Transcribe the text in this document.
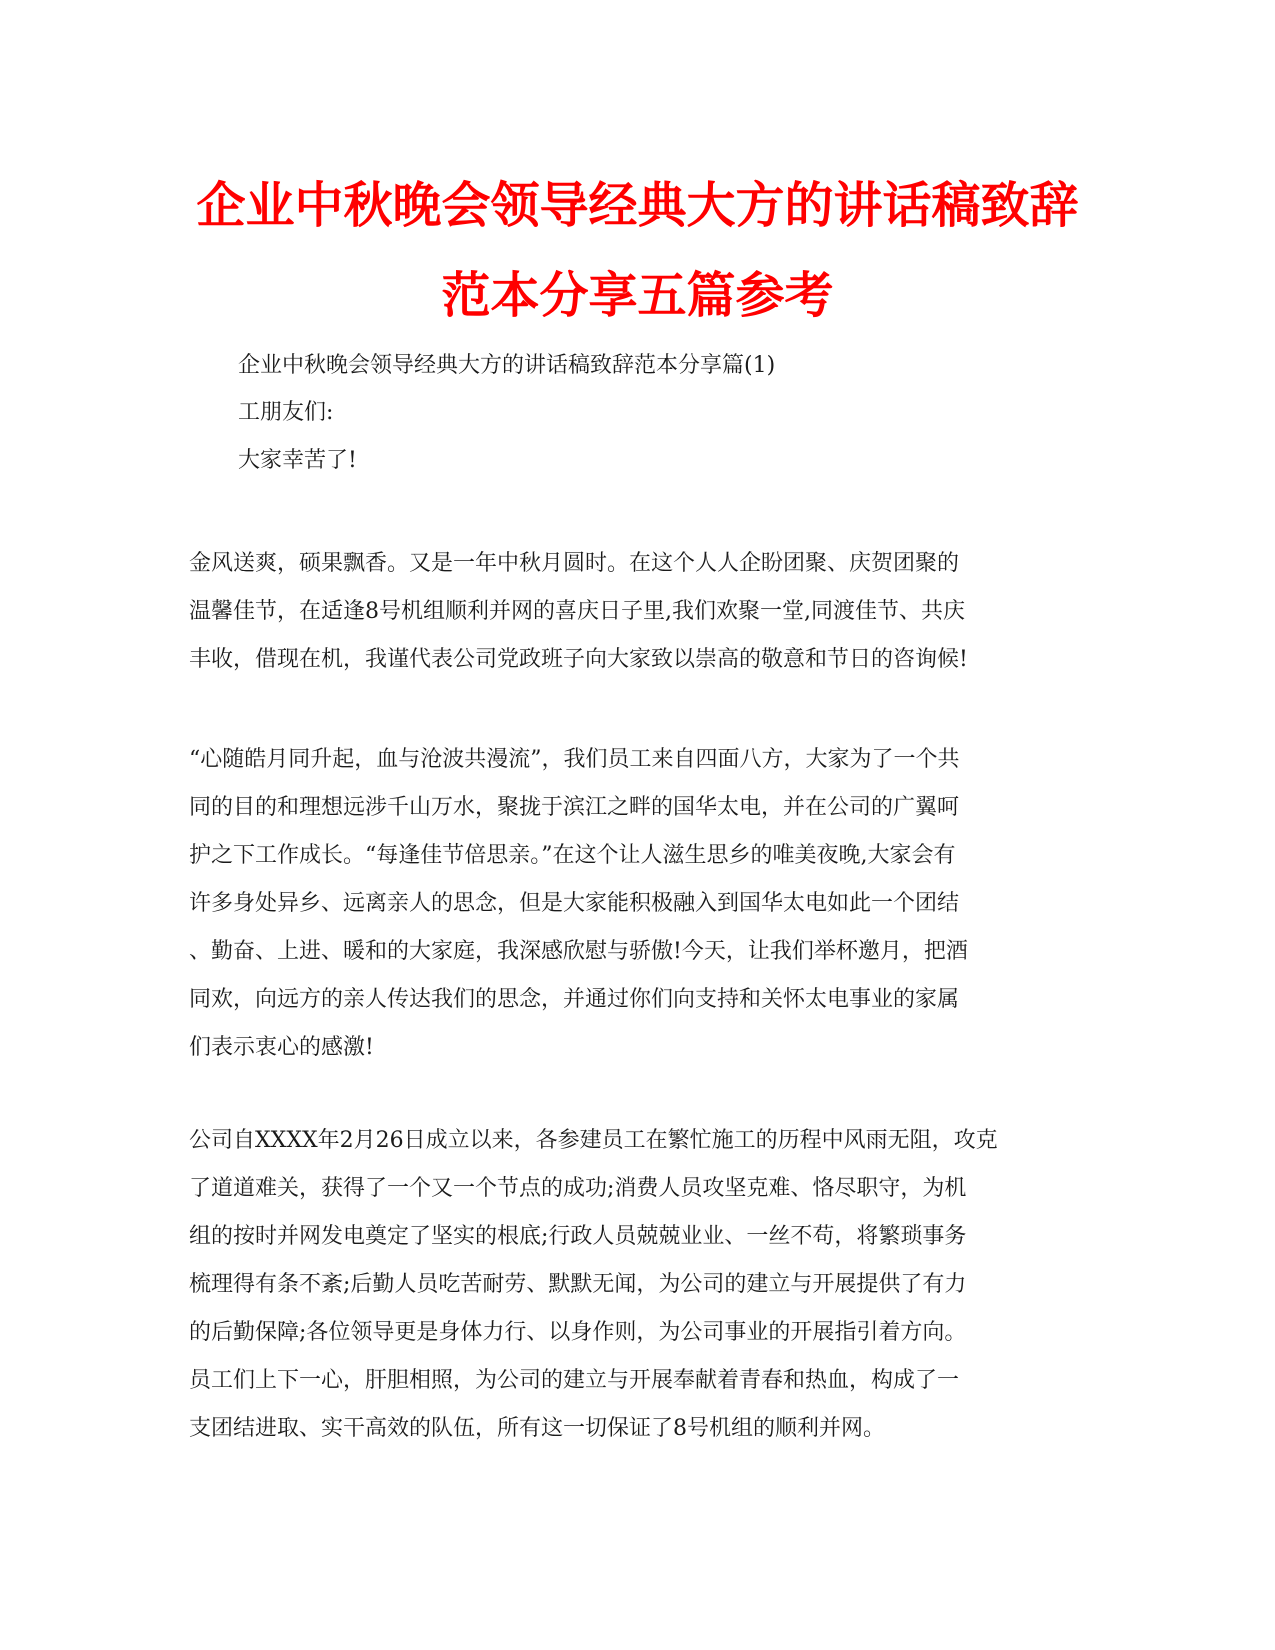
企业中秋晚会领导经典大方的讲话稿致辞
范本分享五篇参考

企业中秋晚会领导经典大方的讲话稿致辞范本分享篇(1)

工朋友们:

大家幸苦了!

金风送爽，硕果飘香。又是一年中秋月圆时。在这个人人企盼团聚、庆贺团聚的
温馨佳节，在适逢8号机组顺利并网的喜庆日子里,我们欢聚一堂,同渡佳节、共庆
丰收，借现在机，我谨代表公司党政班子向大家致以崇高的敬意和节日的咨询候!
“心随皓月同升起，血与沧波共漫流”，我们员工来自四面八方，大家为了一个共
同的目的和理想远涉千山万水，聚拢于滨江之畔的国华太电，并在公司的广翼呵
护之下工作成长。“每逢佳节倍思亲。”在这个让人滋生思乡的唯美夜晚,大家会有
许多身处异乡、远离亲人的思念，但是大家能积极融入到国华太电如此一个团结
、勤奋、上进、暖和的大家庭，我深感欣慰与骄傲!今天，让我们举杯邀月，把酒
同欢，向远方的亲人传达我们的思念，并通过你们向支持和关怀太电事业的家属
们表示衷心的感激!
公司自XXXX年2月26日成立以来，各参建员工在繁忙施工的历程中风雨无阻，攻克
了道道难关，获得了一个又一个节点的成功;消费人员攻坚克难、恪尽职守，为机
组的按时并网发电奠定了坚实的根底;行政人员兢兢业业、一丝不苟，将繁琐事务
梳理得有条不紊;后勤人员吃苦耐劳、默默无闻，为公司的建立与开展提供了有力
的后勤保障;各位领导更是身体力行、以身作则，为公司事业的开展指引着方向。
员工们上下一心，肝胆相照，为公司的建立与开展奉献着青春和热血，构成了一
支团结进取、实干高效的队伍，所有这一切保证了8号机组的顺利并网。
